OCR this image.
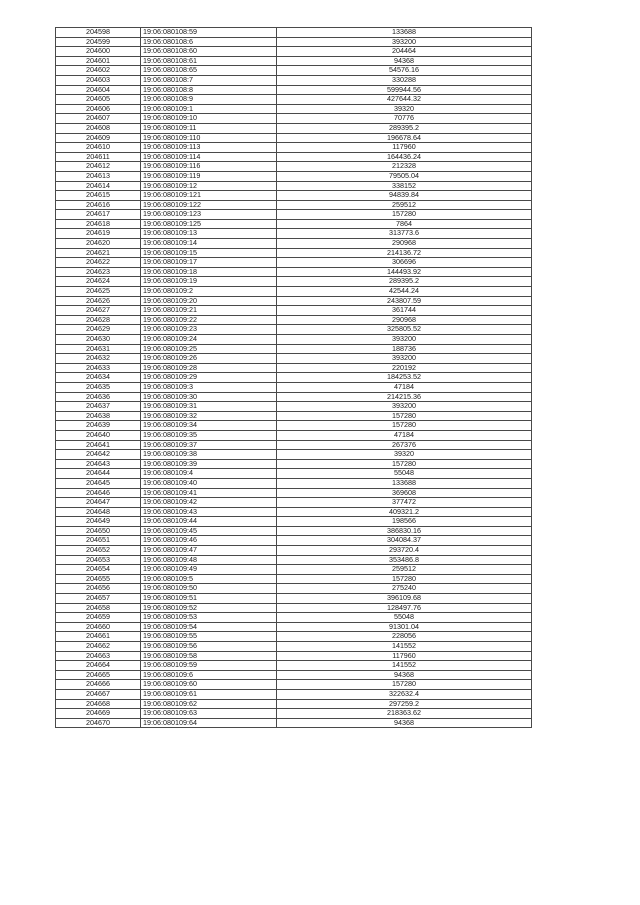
204598	19:06:080108:59	133688
204599	19:06:080108:6	393200
204600	19:06:080108:60	204464
204601	19:06:080108:61	94368
204602	19:06:080108:65	54576.16
204603	19:06:080108:7	330288
204604	19:06:080108:8	599944.56
204605	19:06:080108:9	427644.32
204606	19:06:080109:1	39320
204607	19:06:080109:10	70776
204608	19:06:080109:11	289395.2
204609	19:06:080109:110	196678.64
204610	19:06:080109:113	117960
204611	19:06:080109:114	164436.24
204612	19:06:080109:116	212328
204613	19:06:080109:119	79505.04
204614	19:06:080109:12	338152
204615	19:06:080109:121	94839.84
204616	19:06:080109:122	259512
204617	19:06:080109:123	157280
204618	19:06:080109:125	7864
204619	19:06:080109:13	313773.6
204620	19:06:080109:14	290968
204621	19:06:080109:15	214136.72
204622	19:06:080109:17	306696
204623	19:06:080109:18	144493.92
204624	19:06:080109:19	289395.2
204625	19:06:080109:2	42544.24
204626	19:06:080109:20	243807.59
204627	19:06:080109:21	361744
204628	19:06:080109:22	290968
204629	19:06:080109:23	325805.52
204630	19:06:080109:24	393200
204631	19:06:080109:25	188736
204632	19:06:080109:26	393200
204633	19:06:080109:28	220192
204634	19:06:080109:29	184253.52
204635	19:06:080109:3	47184
204636	19:06:080109:30	214215.36
204637	19:06:080109:31	393200
204638	19:06:080109:32	157280
204639	19:06:080109:34	157280
204640	19:06:080109:35	47184
204641	19:06:080109:37	267376
204642	19:06:080109:38	39320
204643	19:06:080109:39	157280
204644	19:06:080109:4	55048
204645	19:06:080109:40	133688
204646	19:06:080109:41	369608
204647	19:06:080109:42	377472
204648	19:06:080109:43	409321.2
204649	19:06:080109:44	198566
204650	19:06:080109:45	386830.16
204651	19:06:080109:46	304084.37
204652	19:06:080109:47	293720.4
204653	19:06:080109:48	353486.8
204654	19:06:080109:49	259512
204655	19:06:080109:5	157280
204656	19:06:080109:50	275240
204657	19:06:080109:51	396109.68
204658	19:06:080109:52	128497.76
204659	19:06:080109:53	55048
204660	19:06:080109:54	91301.04
204661	19:06:080109:55	228056
204662	19:06:080109:56	141552
204663	19:06:080109:58	117960
204664	19:06:080109:59	141552
204665	19:06:080109:6	94368
204666	19:06:080109:60	157280
204667	19:06:080109:61	322632.4
204668	19:06:080109:62	297259.2
204669	19:06:080109:63	218363.62
204670	19:06:080109:64	94368
